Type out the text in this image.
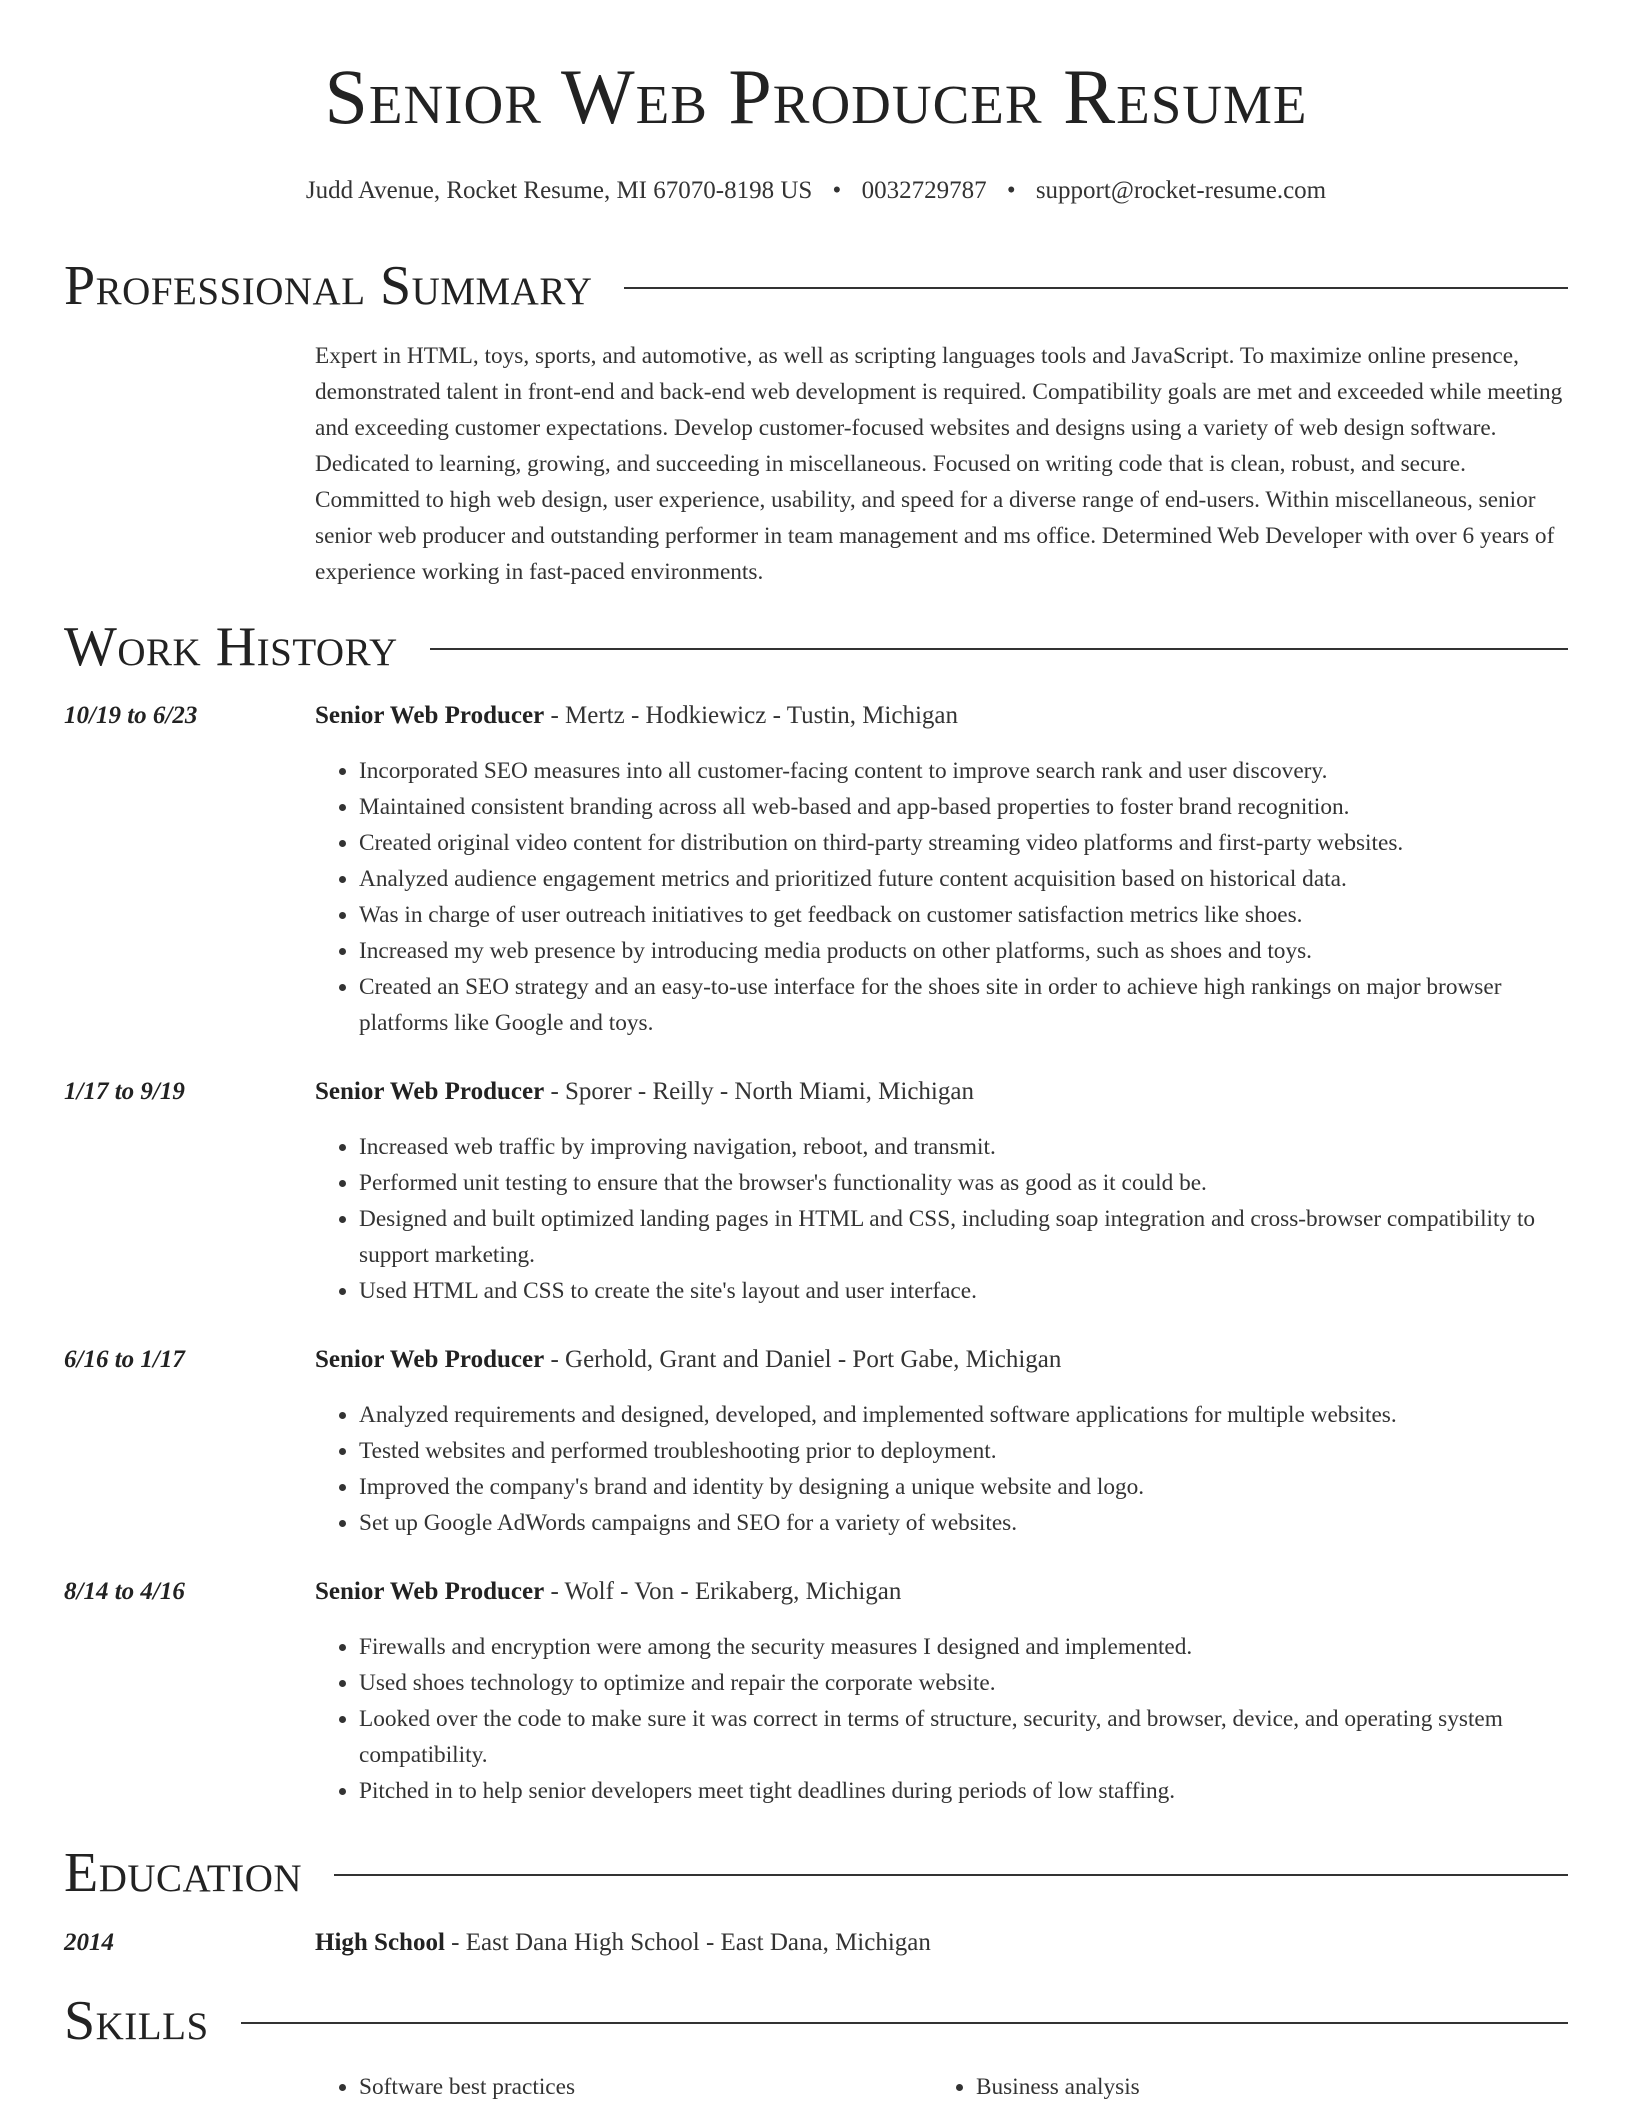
Senior Web Producer Resume
Judd Avenue, Rocket Resume, MI 67070-8198 US • 0032729787 • support@rocket-resume.com
Professional Summary

Expert in HTML, toys, sports, and automotive, as well as scripting languages tools and JavaScript. To maximize online presence, demonstrated talent in front-end and back-end web development is required. Compatibility goals are met and exceeded while meeting and exceeding customer expectations. Develop customer-focused websites and designs using a variety of web design software. Dedicated to learning, growing, and succeeding in miscellaneous. Focused on writing code that is clean, robust, and secure. Committed to high web design, user experience, usability, and speed for a diverse range of end-users. Within miscellaneous, senior senior web producer and outstanding performer in team management and ms office. Determined Web Developer with over 6 years of experience working in fast-paced environments.

Work History
10/19 to 6/23	Senior Web Producer - Mertz - Hodkiewicz - Tustin, Michigan
• Incorporated SEO measures into all customer-facing content to improve search rank and user discovery.
• Maintained consistent branding across all web-based and app-based properties to foster brand recognition.
• Created original video content for distribution on third-party streaming video platforms and first-party websites.
• Analyzed audience engagement metrics and prioritized future content acquisition based on historical data.
• Was in charge of user outreach initiatives to get feedback on customer satisfaction metrics like shoes.
• Increased my web presence by introducing media products on other platforms, such as shoes and toys.
• Created an SEO strategy and an easy-to-use interface for the shoes site in order to achieve high rankings on major browser platforms like Google and toys.
1/17 to 9/19	Senior Web Producer - Sporer - Reilly - North Miami, Michigan
• Increased web traffic by improving navigation, reboot, and transmit.
• Performed unit testing to ensure that the browser's functionality was as good as it could be.
• Designed and built optimized landing pages in HTML and CSS, including soap integration and cross-browser compatibility to support marketing.
• Used HTML and CSS to create the site's layout and user interface.
6/16 to 1/17	Senior Web Producer - Gerhold, Grant and Daniel - Port Gabe, Michigan
• Analyzed requirements and designed, developed, and implemented software applications for multiple websites.
• Tested websites and performed troubleshooting prior to deployment.
• Improved the company's brand and identity by designing a unique website and logo.
• Set up Google AdWords campaigns and SEO for a variety of websites.
8/14 to 4/16	Senior Web Producer - Wolf - Von - Erikaberg, Michigan
• Firewalls and encryption were among the security measures I designed and implemented.
• Used shoes technology to optimize and repair the corporate website.
• Looked over the code to make sure it was correct in terms of structure, security, and browser, device, and operating system compatibility.
• Pitched in to help senior developers meet tight deadlines during periods of low staffing.
Education
2014	High School - East Dana High School - East Dana, Michigan
Skills
• Software best practices
•	Business analysis
